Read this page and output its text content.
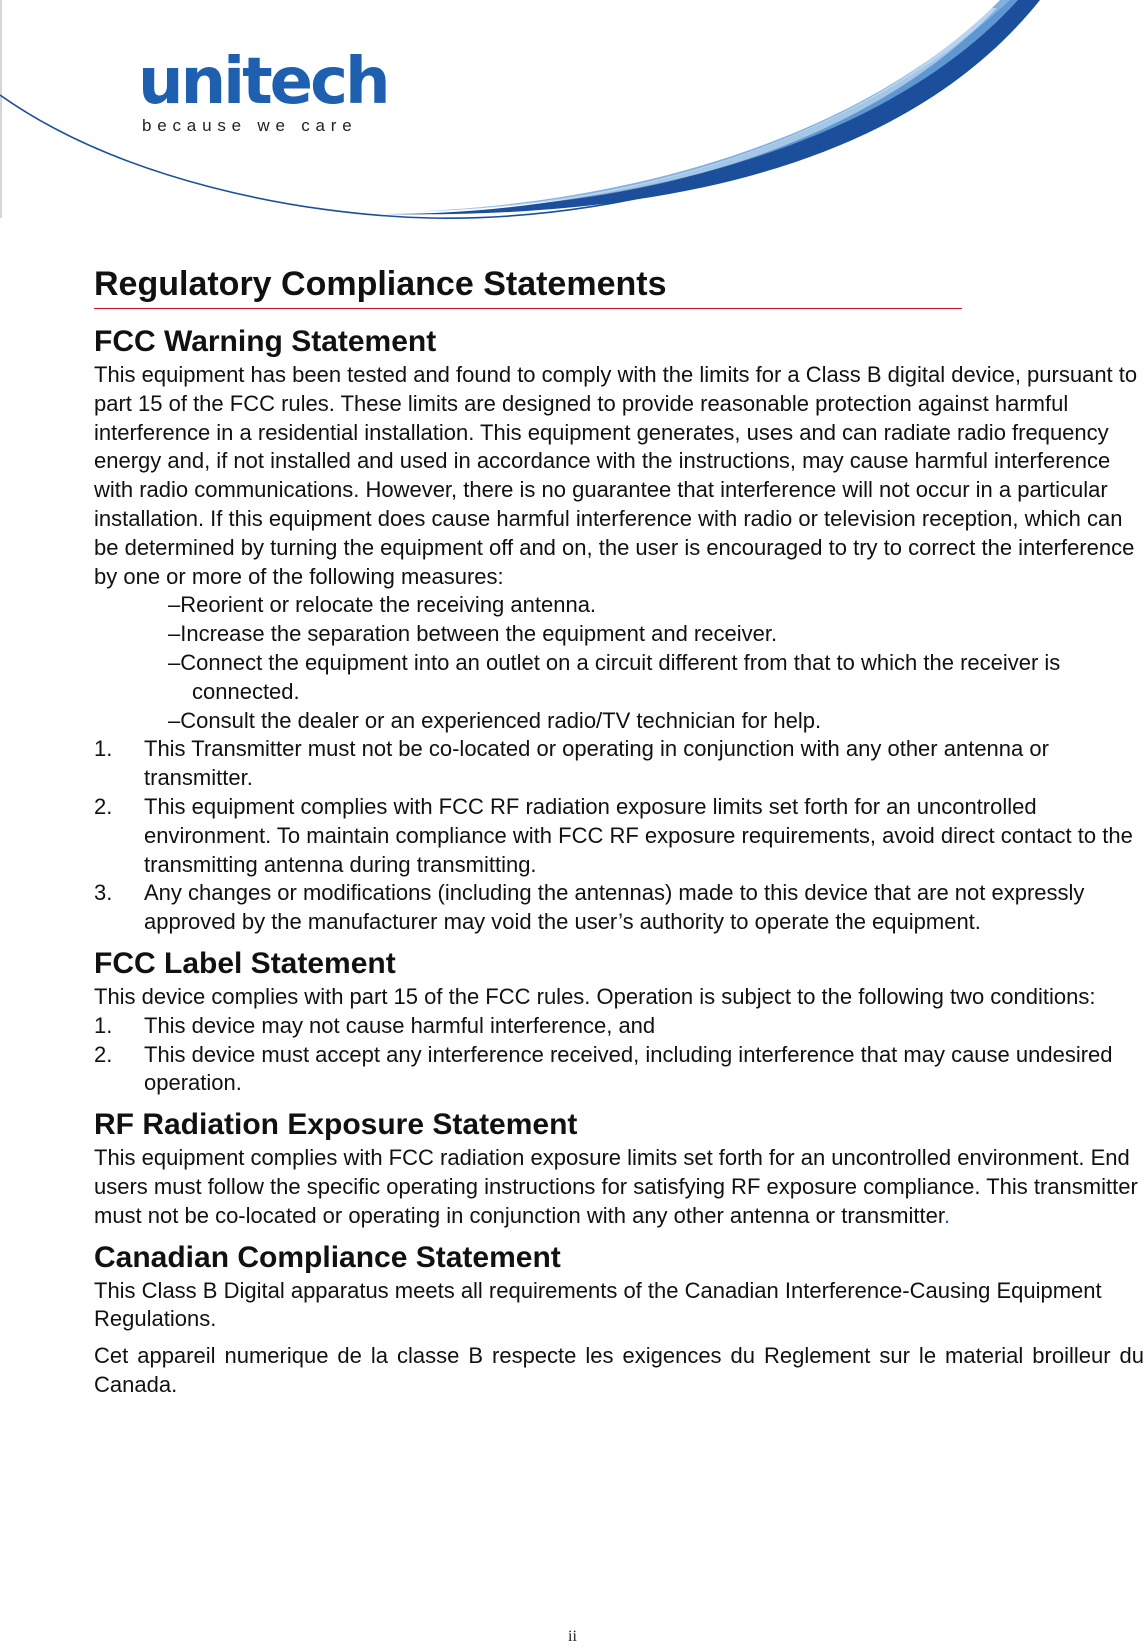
unitech
because we care
Regulatory Compliance Statements
FCC Warning Statement

This equipment has been tested and found to comply with the limits for a Class B digital device, pursuant to part 15 of the FCC rules. These limits are designed to provide reasonable protection against harmful interference in a residential installation. This equipment generates, uses and can radiate radio frequency energy and, if not installed and used in accordance with the instructions, may cause harmful interference with radio communications. However, there is no guarantee that interference will not occur in a particular installation. If this equipment does cause harmful interference with radio or television reception, which can be determined by turning the equipment off and on, the user is encouraged to try to correct the interference by one or more of the following measures:

–Reorient or relocate the receiving antenna.
–Increase the separation between the equipment and receiver.
–Connect the equipment into an outlet on a circuit different from that to which the receiver is connected.
–Consult the dealer or an experienced radio/TV technician for help.
1. This Transmitter must not be co-located or operating in conjunction with any other antenna or transmitter.
2. This equipment complies with FCC RF radiation exposure limits set forth for an uncontrolled environment. To maintain compliance with FCC RF exposure requirements, avoid direct contact to the transmitting antenna during transmitting.
3. Any changes or modifications (including the antennas) made to this device that are not expressly approved by the manufacturer may void the user’s authority to operate the equipment.
FCC Label Statement

This device complies with part 15 of the FCC rules. Operation is subject to the following two conditions:

1. This device may not cause harmful interference, and
2. This device must accept any interference received, including interference that may cause undesired operation.
RF Radiation Exposure Statement

This equipment complies with FCC radiation exposure limits set forth for an uncontrolled environment. End users must follow the specific operating instructions for satisfying RF exposure compliance. This transmitter must not be co-located or operating in conjunction with any other antenna or transmitter.

Canadian Compliance Statement

This Class B Digital apparatus meets all requirements of the Canadian Interference-Causing Equipment Regulations.

Cet appareil numerique de la classe B respecte les exigences du Reglement sur le material broilleur du Canada.

ii
